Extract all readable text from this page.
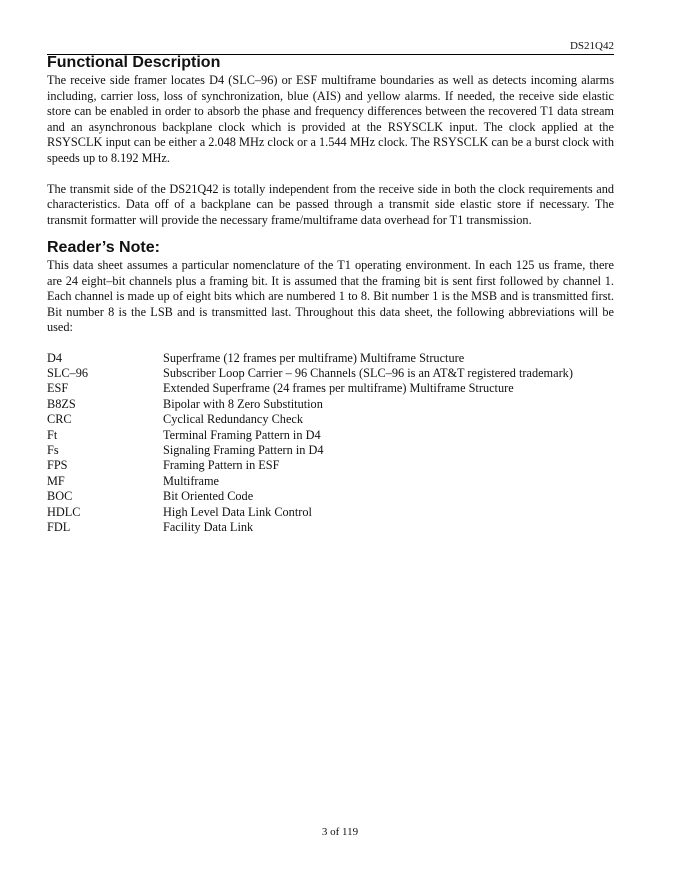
DS21Q42
Functional Description

The receive side framer locates D4 (SLC–96) or ESF multiframe boundaries as well as detects incoming alarms including, carrier loss, loss of synchronization, blue (AIS) and yellow alarms. If needed, the receive side elastic store can be enabled in order to absorb the phase and frequency differences between the recovered T1 data stream and an asynchronous backplane clock which is provided at the RSYSCLK input. The clock applied at the RSYSCLK input can be either a 2.048 MHz clock or a 1.544 MHz clock. The RSYSCLK can be a burst clock with speeds up to 8.192 MHz.

The transmit side of the DS21Q42 is totally independent from the receive side in both the clock requirements and characteristics. Data off of a backplane can be passed through a transmit side elastic store if necessary. The transmit formatter will provide the necessary frame/multiframe data overhead for T1 transmission.

Reader’s Note:

This data sheet assumes a particular nomenclature of the T1 operating environment. In each 125 us frame, there are 24 eight–bit channels plus a framing bit. It is assumed that the framing bit is sent first followed by channel 1. Each channel is made up of eight bits which are numbered 1 to 8. Bit number 1 is the MSB and is transmitted first. Bit number 8 is the LSB and is transmitted last. Throughout this data sheet, the following abbreviations will be used:

D4	Superframe (12 frames per multiframe) Multiframe Structure
SLC–96	Subscriber Loop Carrier – 96 Channels (SLC–96 is an AT&T registered trademark)
ESF	Extended Superframe (24 frames per multiframe) Multiframe Structure
B8ZS	Bipolar with 8 Zero Substitution
CRC	Cyclical Redundancy Check
Ft	Terminal Framing Pattern in D4
Fs	Signaling Framing Pattern in D4
FPS	Framing Pattern in ESF
MF	Multiframe
BOC	Bit Oriented Code
HDLC	High Level Data Link Control
FDL	Facility Data Link
3 of 119
